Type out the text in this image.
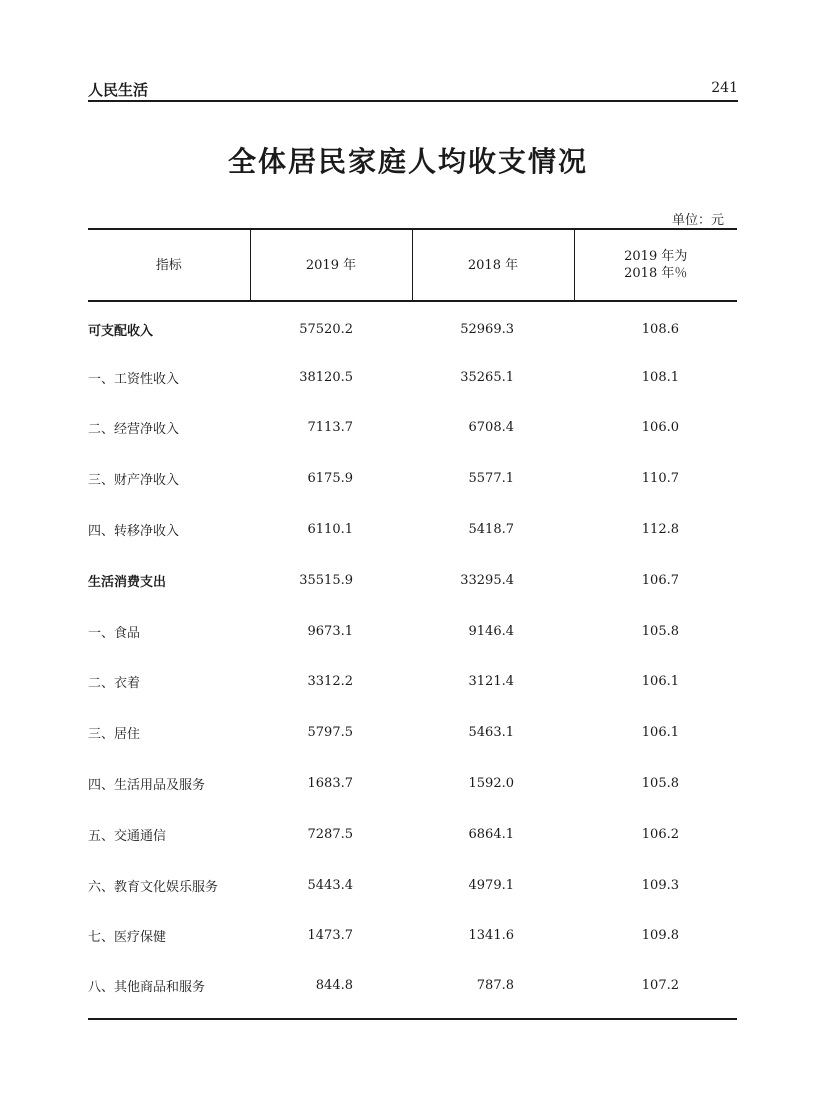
人民生活	241
全体居民家庭人均收支情况
单位：元
指标	2019 年	2018 年	2019 年为
2018 年％

可支配收入	57520.2	52969.3	108.6
一、工资性收入	38120.5	35265.1	108.1
二、经营净收入	7113.7	6708.4	106.0
三、财产净收入	6175.9	5577.1	110.7
四、转移净收入	6110.1	5418.7	112.8
生活消费支出	35515.9	33295.4	106.7
一、食品	9673.1	9146.4	105.8
二、衣着	3312.2	3121.4	106.1
三、居住	5797.5	5463.1	106.1
四、生活用品及服务	1683.7	1592.0	105.8
五、交通通信	7287.5	6864.1	106.2
六、教育文化娱乐服务	5443.4	4979.1	109.3
七、医疗保健	1473.7	1341.6	109.8
八、其他商品和服务	844.8	787.8	107.2
